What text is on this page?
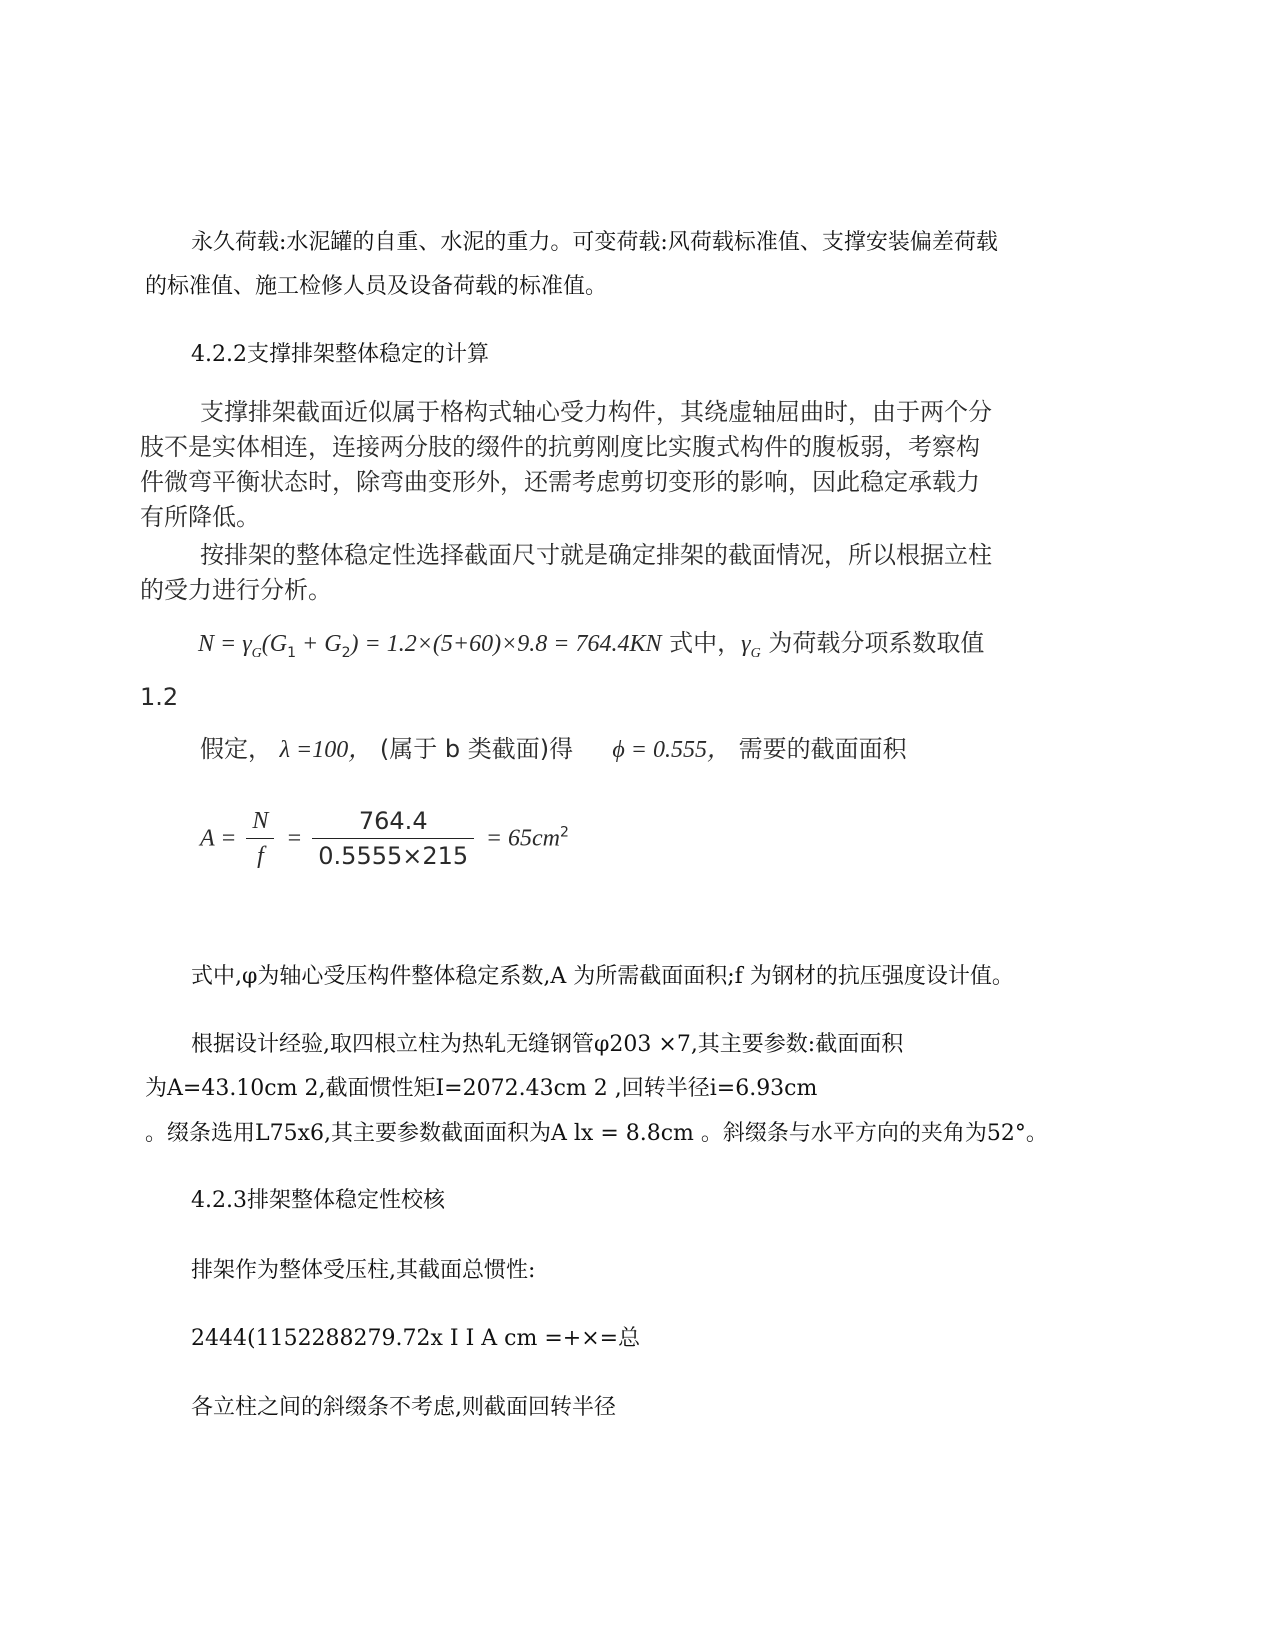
永久荷载:水泥罐的自重、水泥的重力。可变荷载:风荷载标准值、支撑安装偏差荷载
的标准值、施工检修人员及设备荷载的标准值。
4.2.2支撑排架整体稳定的计算
支撑排架截面近似属于格构式轴心受力构件，其绕虚轴屈曲时，由于两个分
肢不是实体相连，连接两分肢的缀件的抗剪刚度比实腹式构件的腹板弱，考察构
件微弯平衡状态时，除弯曲变形外，还需考虑剪切变形的影响，因此稳定承载力
有所降低。
按排架的整体稳定性选择截面尺寸就是确定排架的截面情况，所以根据立柱
的受力进行分析。
$N = \gamma_G(G_1 + G_2) = 1.2\times(5+60)\times 9.8 = 764.4KN$ 式中，$\gamma_G$ 为荷载分项系数取值
1.2
假定， λ =100， (属于 b 类截面)得 ϕ = 0.555， 需要的截面面积
$A = \frac{N}{f} = \frac{764.4}{0.5555\times 215} = 65cm^2$
式中,φ为轴心受压构件整体稳定系数,A 为所需截面面积;f 为钢材的抗压强度设计值。
根据设计经验,取四根立柱为热轧无缝钢管φ203 ×7,其主要参数:截面面积
为A=43.10cm 2,截面惯性矩I=2072.43cm 2 ,回转半径i=6.93cm
。缀条选用L75x6,其主要参数截面面积为A lx = 8.8cm 。斜缀条与水平方向的夹角为52°。
4.2.3排架整体稳定性校核
排架作为整体受压柱,其截面总惯性:
2444(1152288279.72x I I A cm =+×=总
各立柱之间的斜缀条不考虑,则截面回转半径
